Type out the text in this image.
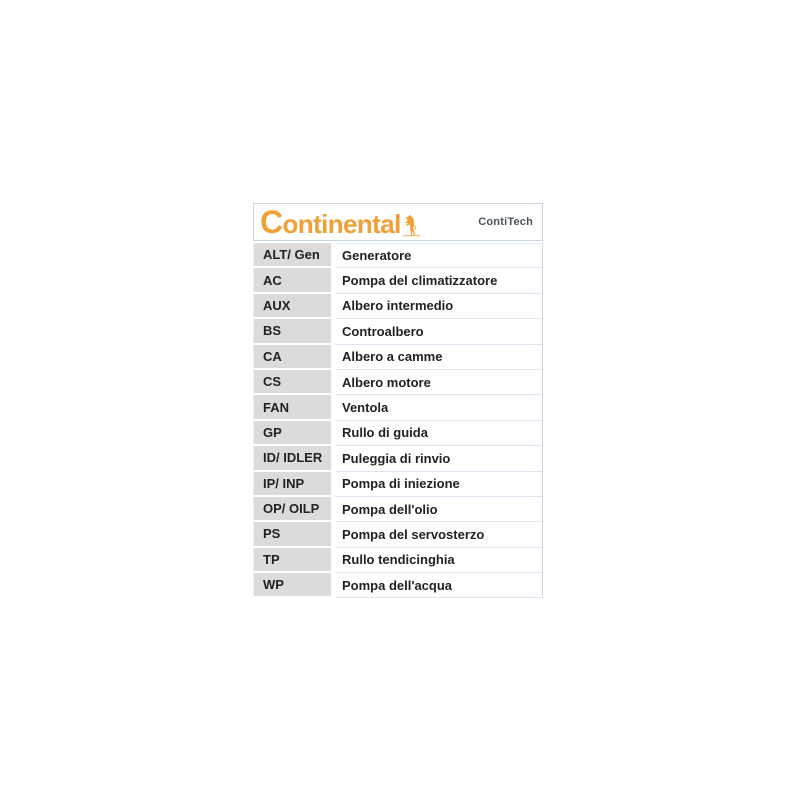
Continental	ContiTech
ALT/ Gen	Generatore
AC	Pompa del climatizzatore
AUX	Albero intermedio
BS	Controalbero
CA	Albero a camme
CS	Albero motore
FAN	Ventola
GP	Rullo di guida
ID/ IDLER	Puleggia di rinvio
IP/ INP	Pompa di iniezione
OP/ OILP	Pompa dell'olio
PS	Pompa del servosterzo
TP	Rullo tendicinghia
WP	Pompa dell'acqua
